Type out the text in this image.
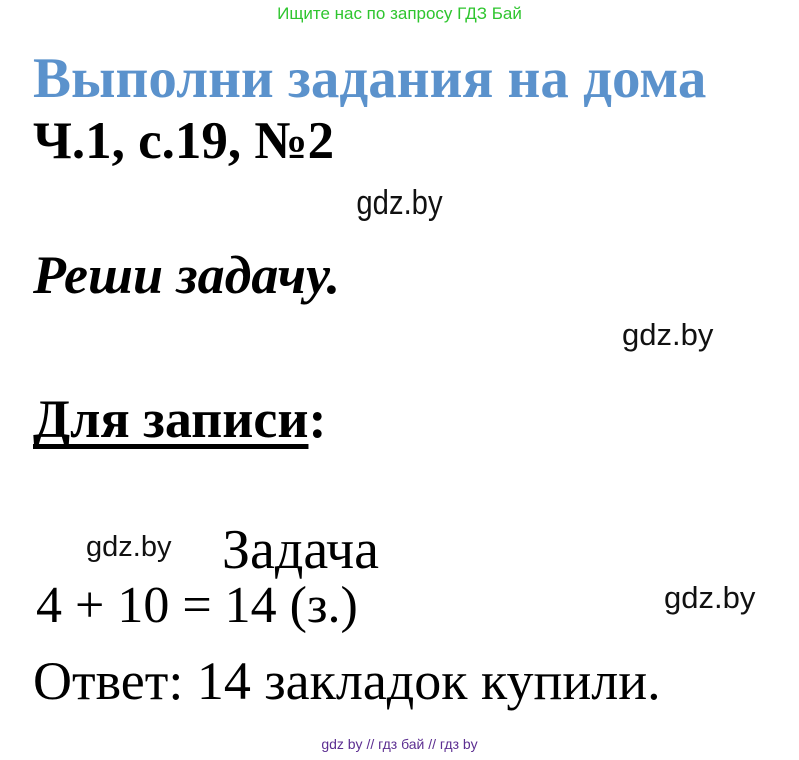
Ищите нас по запросу ГДЗ Бай
Выполни задания на дома
Ч.1, с.19, №2
gdz.by
Реши задачу.
gdz.by
Для записи:
gdz.by Задача
4 + 10 = 14 (з.)	gdz.by
Ответ: 14 закладок купили.
gdz by // гдз бай // гдз by
